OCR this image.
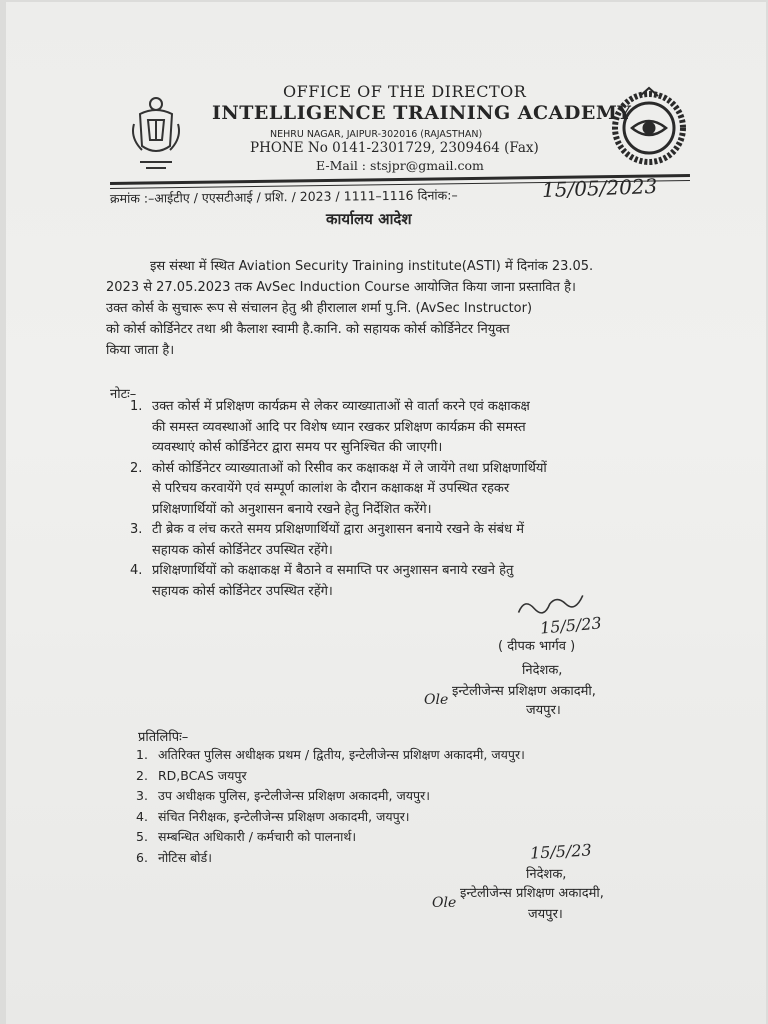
OFFICE OF THE DIRECTOR
INTELLIGENCE TRAINING ACADEMY
NEHRU NAGAR, JAIPUR-302016 (RAJASTHAN)
PHONE No 0141-2301729, 2309464 (Fax)
E-Mail : stsjpr@gmail.com
क्रमांक :–आईटीए / एएसटीआई / प्रशि. / 2023 / 1111–1116 दिनांक:–	15/05/2023
कार्यालय आदेश
इस संस्था में स्थित Aviation Security Training institute(ASTI) में दिनांक 23.05.
2023 से 27.05.2023 तक AvSec Induction Course आयोजित किया जाना प्रस्तावित है।
उक्त कोर्स के सुचारू रूप से संचालन हेतु श्री हीरालाल शर्मा पु.नि. (AvSec Instructor)
को कोर्स कोर्डिनेटर तथा श्री कैलाश स्वामी है.कानि. को सहायक कोर्स कोर्डिनेटर नियुक्त
किया जाता है।
नोटः–
1. उक्त कोर्स में प्रशिक्षण कार्यक्रम से लेकर व्याख्याताओं से वार्ता करने एवं कक्षाकक्ष
की समस्त व्यवस्थाओं आदि पर विशेष ध्यान रखकर प्रशिक्षण कार्यक्रम की समस्त
व्यवस्थाएं कोर्स कोर्डिनेटर द्वारा समय पर सुनिश्चित की जाएगी।
2. कोर्स कोर्डिनेटर व्याख्याताओं को रिसीव कर कक्षाकक्ष में ले जायेंगे तथा प्रशिक्षणार्थियों
से परिचय करवायेंगे एवं सम्पूर्ण कालांश के दौरान कक्षाकक्ष में उपस्थित रहकर
प्रशिक्षणार्थियों को अनुशासन बनाये रखने हेतु निर्देशित करेंगे।
3. टी ब्रेक व लंच करते समय प्रशिक्षणार्थियों द्वारा अनुशासन बनाये रखने के संबंध में
सहायक कोर्स कोर्डिनेटर उपस्थित रहेंगे।
4. प्रशिक्षणार्थियों को कक्षाकक्ष में बैठाने व समाप्ति पर अनुशासन बनाये रखने हेतु
सहायक कोर्स कोर्डिनेटर उपस्थित रहेंगे।
15/5/23
( दीपक भार्गव )
निदेशक,
इन्टेलीजेन्स प्रशिक्षण अकादमी,
जयपुर।
Ole
प्रतिलिपिः–
1. अतिरिक्त पुलिस अधीक्षक प्रथम / द्वितीय, इन्टेलीजेन्स प्रशिक्षण अकादमी, जयपुर।
2. RD,BCAS जयपुर
3. उप अधीक्षक पुलिस, इन्टेलीजेन्स प्रशिक्षण अकादमी, जयपुर।
4. संचित निरीक्षक, इन्टेलीजेन्स प्रशिक्षण अकादमी, जयपुर।
5. सम्बन्धित अधिकारी / कर्मचारी को पालनार्थ।
6. नोटिस बोर्ड।	15/5/23
निदेशक,
इन्टेलीजेन्स प्रशिक्षण अकादमी,
जयपुर।
Ole
